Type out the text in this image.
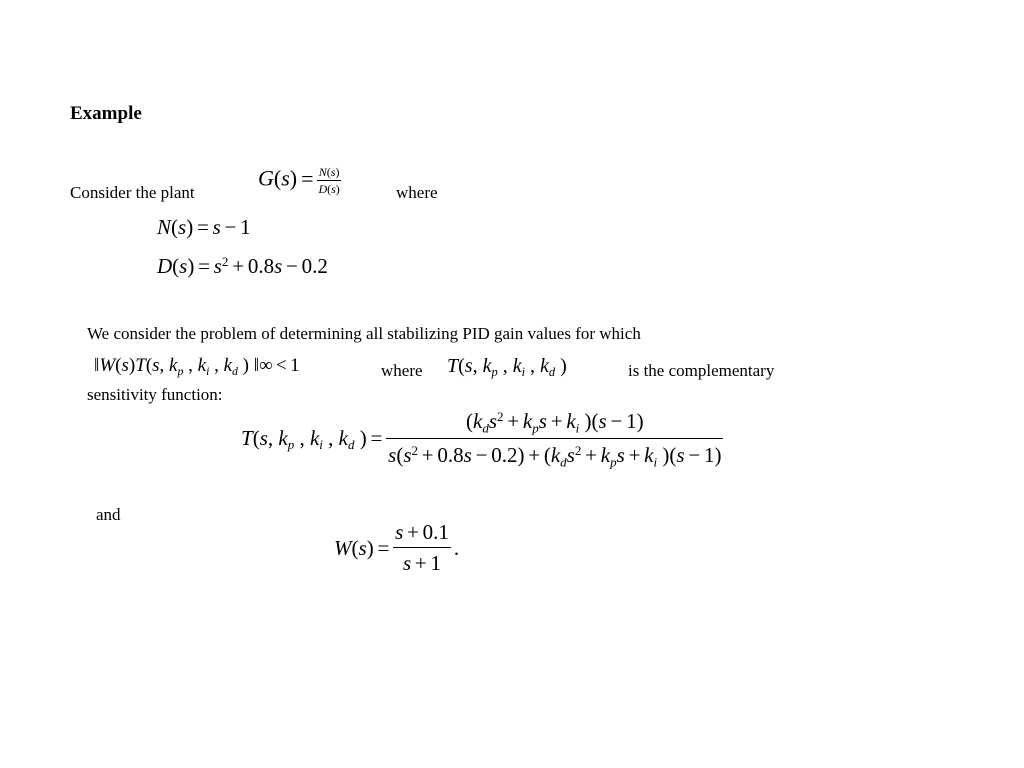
Example
Consider the plant
$G(s) = \frac{N(s)}{D(s)}$	where
N(s) = s − 1
$D(s) = s^2 + 0.8s - 0.2$
We consider the problem of determining all stabilizing PID gain values for which
‖W(s)T(s, $k_p$ , $k_i$ , $k_d$ ) ‖∞ < 1	where T(s, $k_p$ , $k_i$ , $k_d$ )	is the complementary
sensitivity function:
T(s, $k_p$ , $k_i$ , $k_d$ ) = $\frac{(k_ds^2 + k_ps + k_i )(s - 1)}{s(s^2 + 0.8s - 0.2) + (k_ds^2 + k_ps + k_i )(s - 1)}$
and
$W(s) = \frac{s + 0.1}{s + 1}$ .
